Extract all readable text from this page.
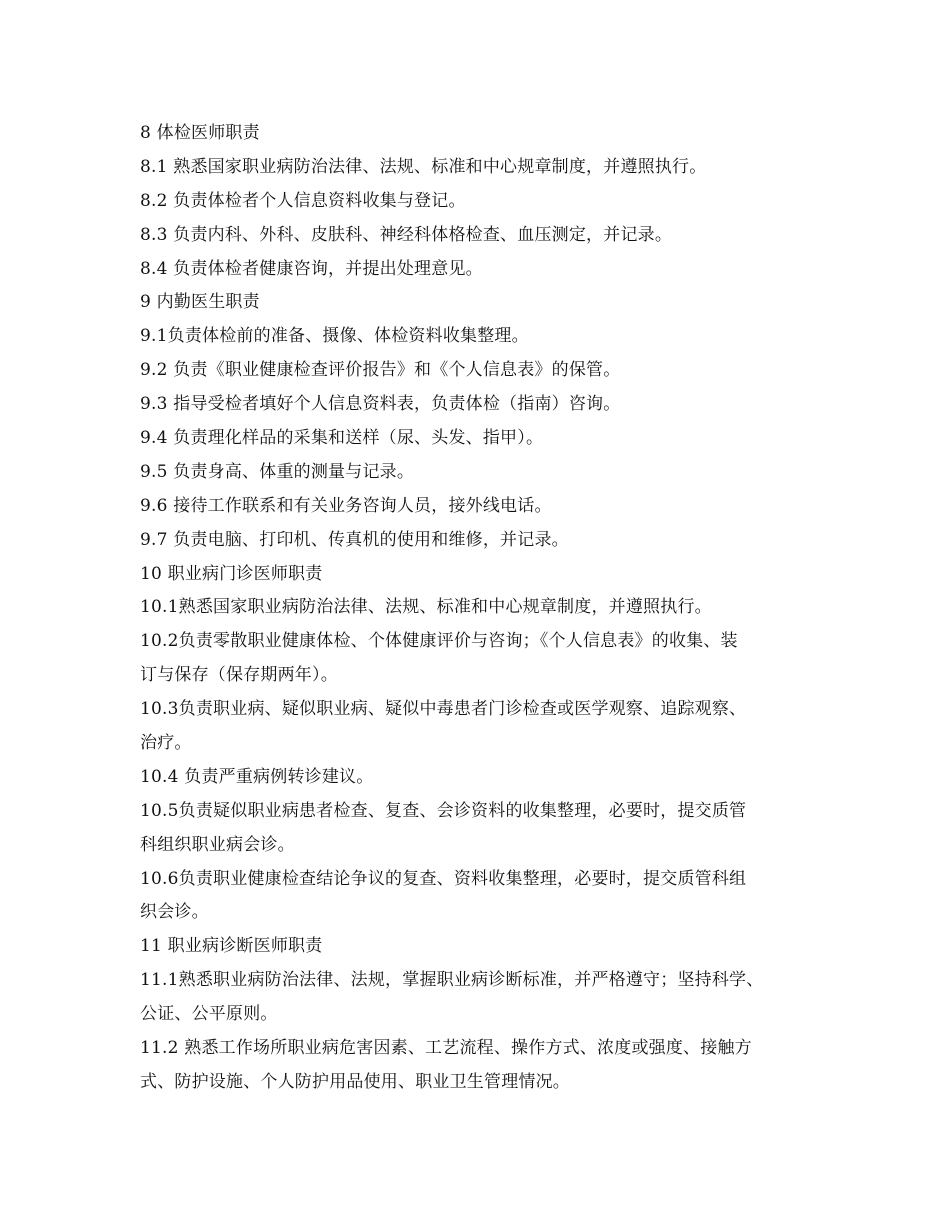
8 体检医师职责
8.1 熟悉国家职业病防治法律、法规、标准和中心规章制度，并遵照执行。
8.2 负责体检者个人信息资料收集与登记。
8.3 负责内科、外科、皮肤科、神经科体格检查、血压测定，并记录。
8.4 负责体检者健康咨询，并提出处理意见。
9 内勤医生职责
9.1负责体检前的准备、摄像、体检资料收集整理。
9.2 负责《职业健康检查评价报告》和《个人信息表》的保管。
9.3 指导受检者填好个人信息资料表，负责体检（指南）咨询。
9.4 负责理化样品的采集和送样（尿、头发、指甲）。
9.5 负责身高、体重的测量与记录。
9.6 接待工作联系和有关业务咨询人员，接外线电话。
9.7 负责电脑、打印机、传真机的使用和维修，并记录。
10 职业病门诊医师职责
10.1熟悉国家职业病防治法律、法规、标准和中心规章制度，并遵照执行。
10.2负责零散职业健康体检、个体健康评价与咨询；《个人信息表》的收集、装
订与保存（保存期两年）。
10.3负责职业病、疑似职业病、疑似中毒患者门诊检查或医学观察、追踪观察、
治疗。
10.4 负责严重病例转诊建议。
10.5负责疑似职业病患者检查、复查、会诊资料的收集整理，必要时，提交质管
科组织职业病会诊。
10.6负责职业健康检查结论争议的复查、资料收集整理，必要时，提交质管科组
织会诊。
11 职业病诊断医师职责
11.1熟悉职业病防治法律、法规，掌握职业病诊断标准，并严格遵守；坚持科学、
公证、公平原则。
11.2 熟悉工作场所职业病危害因素、工艺流程、操作方式、浓度或强度、接触方
式、防护设施、个人防护用品使用、职业卫生管理情况。
